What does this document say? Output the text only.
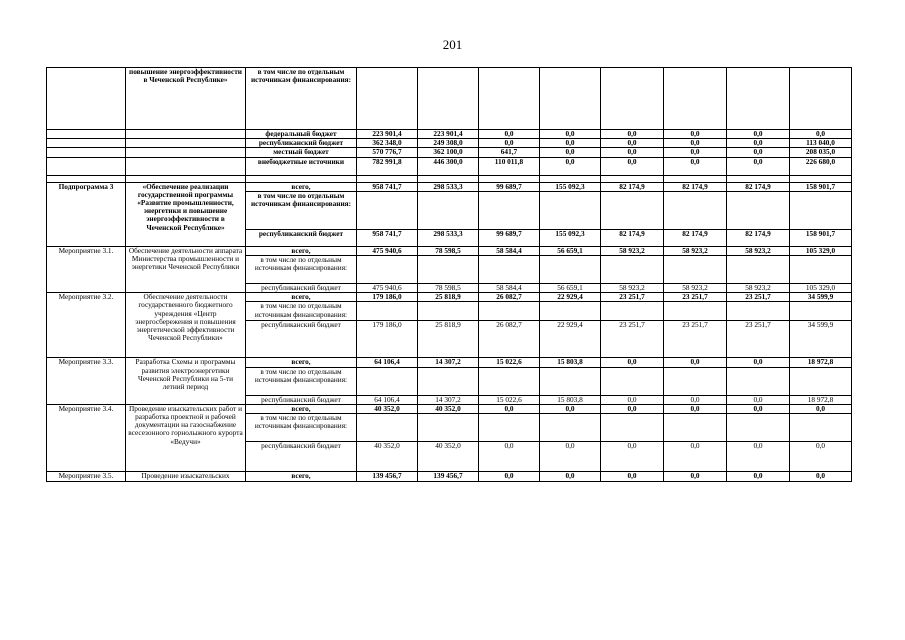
201
	повышение энергоэффективности в Чеченской Республике»	в том числе по отдельным источникам финансирования:								
		федеральный бюджет	223 901,4	223 901,4	0,0	0,0	0,0	0,0	0,0	0,0
		республиканский бюджет	362 348,0	249 308,0	0,0	0,0	0,0	0,0	0,0	113 040,0
		местный бюджет	570 776,7	362 100,0	641,7	0,0	0,0	0,0	0,0	208 035,0
		внебюджетные источники	782 991,8	446 300,0	110 011,8	0,0	0,0	0,0	0,0	226 680,0

Подпрограмма 3	«Обеспечение реализации государственной программы «Развитие промышленности, энергетики и повышение энергоэффективности в Чеченской Республике»	всего,	958 741,7	298 533,3	99 689,7	155 092,3	82 174,9	82 174,9	82 174,9	158 901,7
		в том числе по отдельным источникам финансирования:								
		республиканский бюджет	958 741,7	298 533,3	99 689,7	155 092,3	82 174,9	82 174,9	82 174,9	158 901,7
Мероприятие 3.1.	Обеспечение деятельности аппарата Министерства промышленности и энергетики Чеченской Республики	всего,	475 940,6	78 598,5	58 584,4	56 659,1	58 923,2	58 923,2	58 923,2	105 329,0
		в том числе по отдельным источникам финансирования:								
		республиканский бюджет	475 940,6	78 598,5	58 584,4	56 659,1	58 923,2	58 923,2	58 923,2	105 329,0
Мероприятие 3.2.	Обеспечение деятельности государственного бюджетного учреждения «Центр энергосбережения и повышения энергетической эффективности Чеченской Республики»	всего,	179 186,0	25 818,9	26 082,7	22 929,4	23 251,7	23 251,7	23 251,7	34 599,9
		в том числе по отдельным источникам финансирования:								
		республиканский бюджет	179 186,0	25 818,9	26 082,7	22 929,4	23 251,7	23 251,7	23 251,7	34 599,9
Мероприятие 3.3.	Разработка Схемы и программы развития электроэнергетики Чеченской Республики на 5-ти летний период	всего,	64 106,4	14 307,2	15 022,6	15 803,8	0,0	0,0	0,0	18 972,8
		в том числе по отдельным источникам финансирования:								
		республиканский бюджет	64 106,4	14 307,2	15 022,6	15 803,8	0,0	0,0	0,0	18 972,8
Мероприятие 3.4.	Проведение изыскательских работ и разработка проектной и рабочей документации на газоснабжение всесезонного горнолыжного курорта «Ведучи»	всего,	40 352,0	40 352,0	0,0	0,0	0,0	0,0	0,0	0,0
		в том числе по отдельным источникам финансирования:								
		республиканский бюджет	40 352,0	40 352,0	0,0	0,0	0,0	0,0	0,0	0,0
Мероприятие 3.5.	Проведение изыскательских	всего,	139 456,7	139 456,7	0,0	0,0	0,0	0,0	0,0	0,0
